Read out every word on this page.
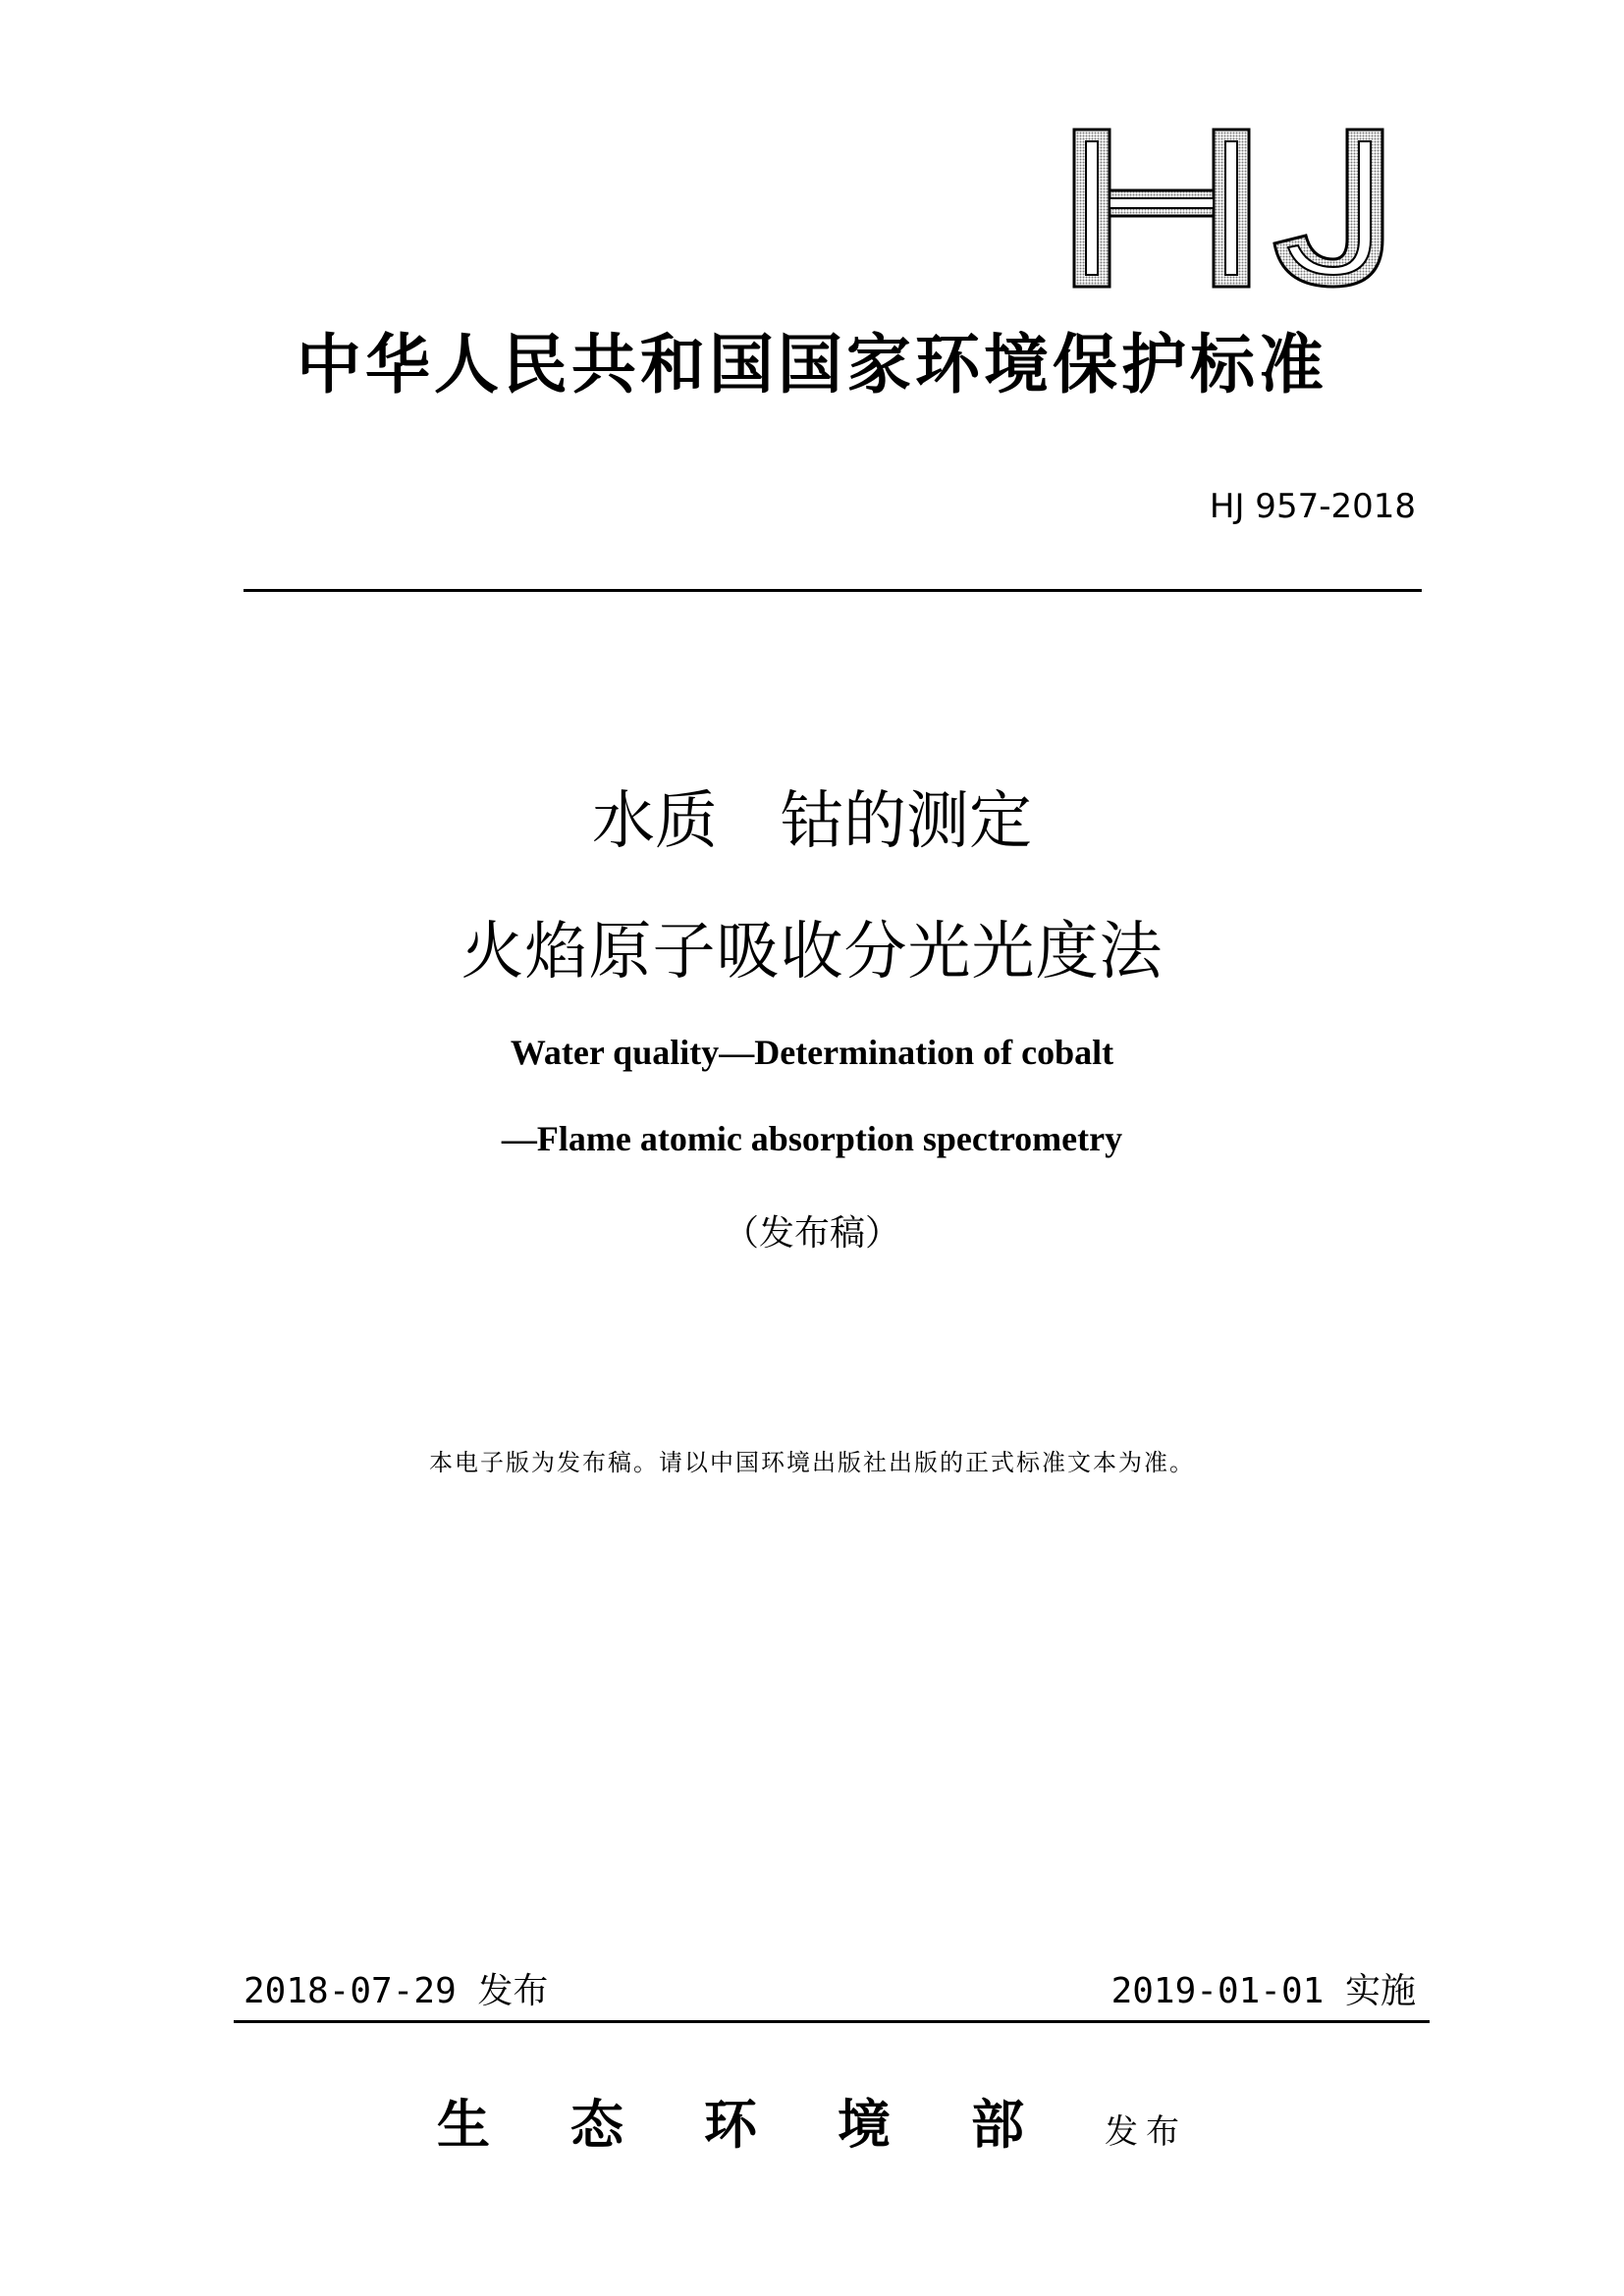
中华人民共和国国家环境保护标准
HJ 957-2018
水质　钴的测定
火焰原子吸收分光光度法
Water quality—Determination of cobalt
—Flame atomic absorption spectrometry
（发布稿）
本电子版为发布稿。请以中国环境出版社出版的正式标准文本为准。
2018-07-29 发布	2019-01-01 实施
生态环境部发布
